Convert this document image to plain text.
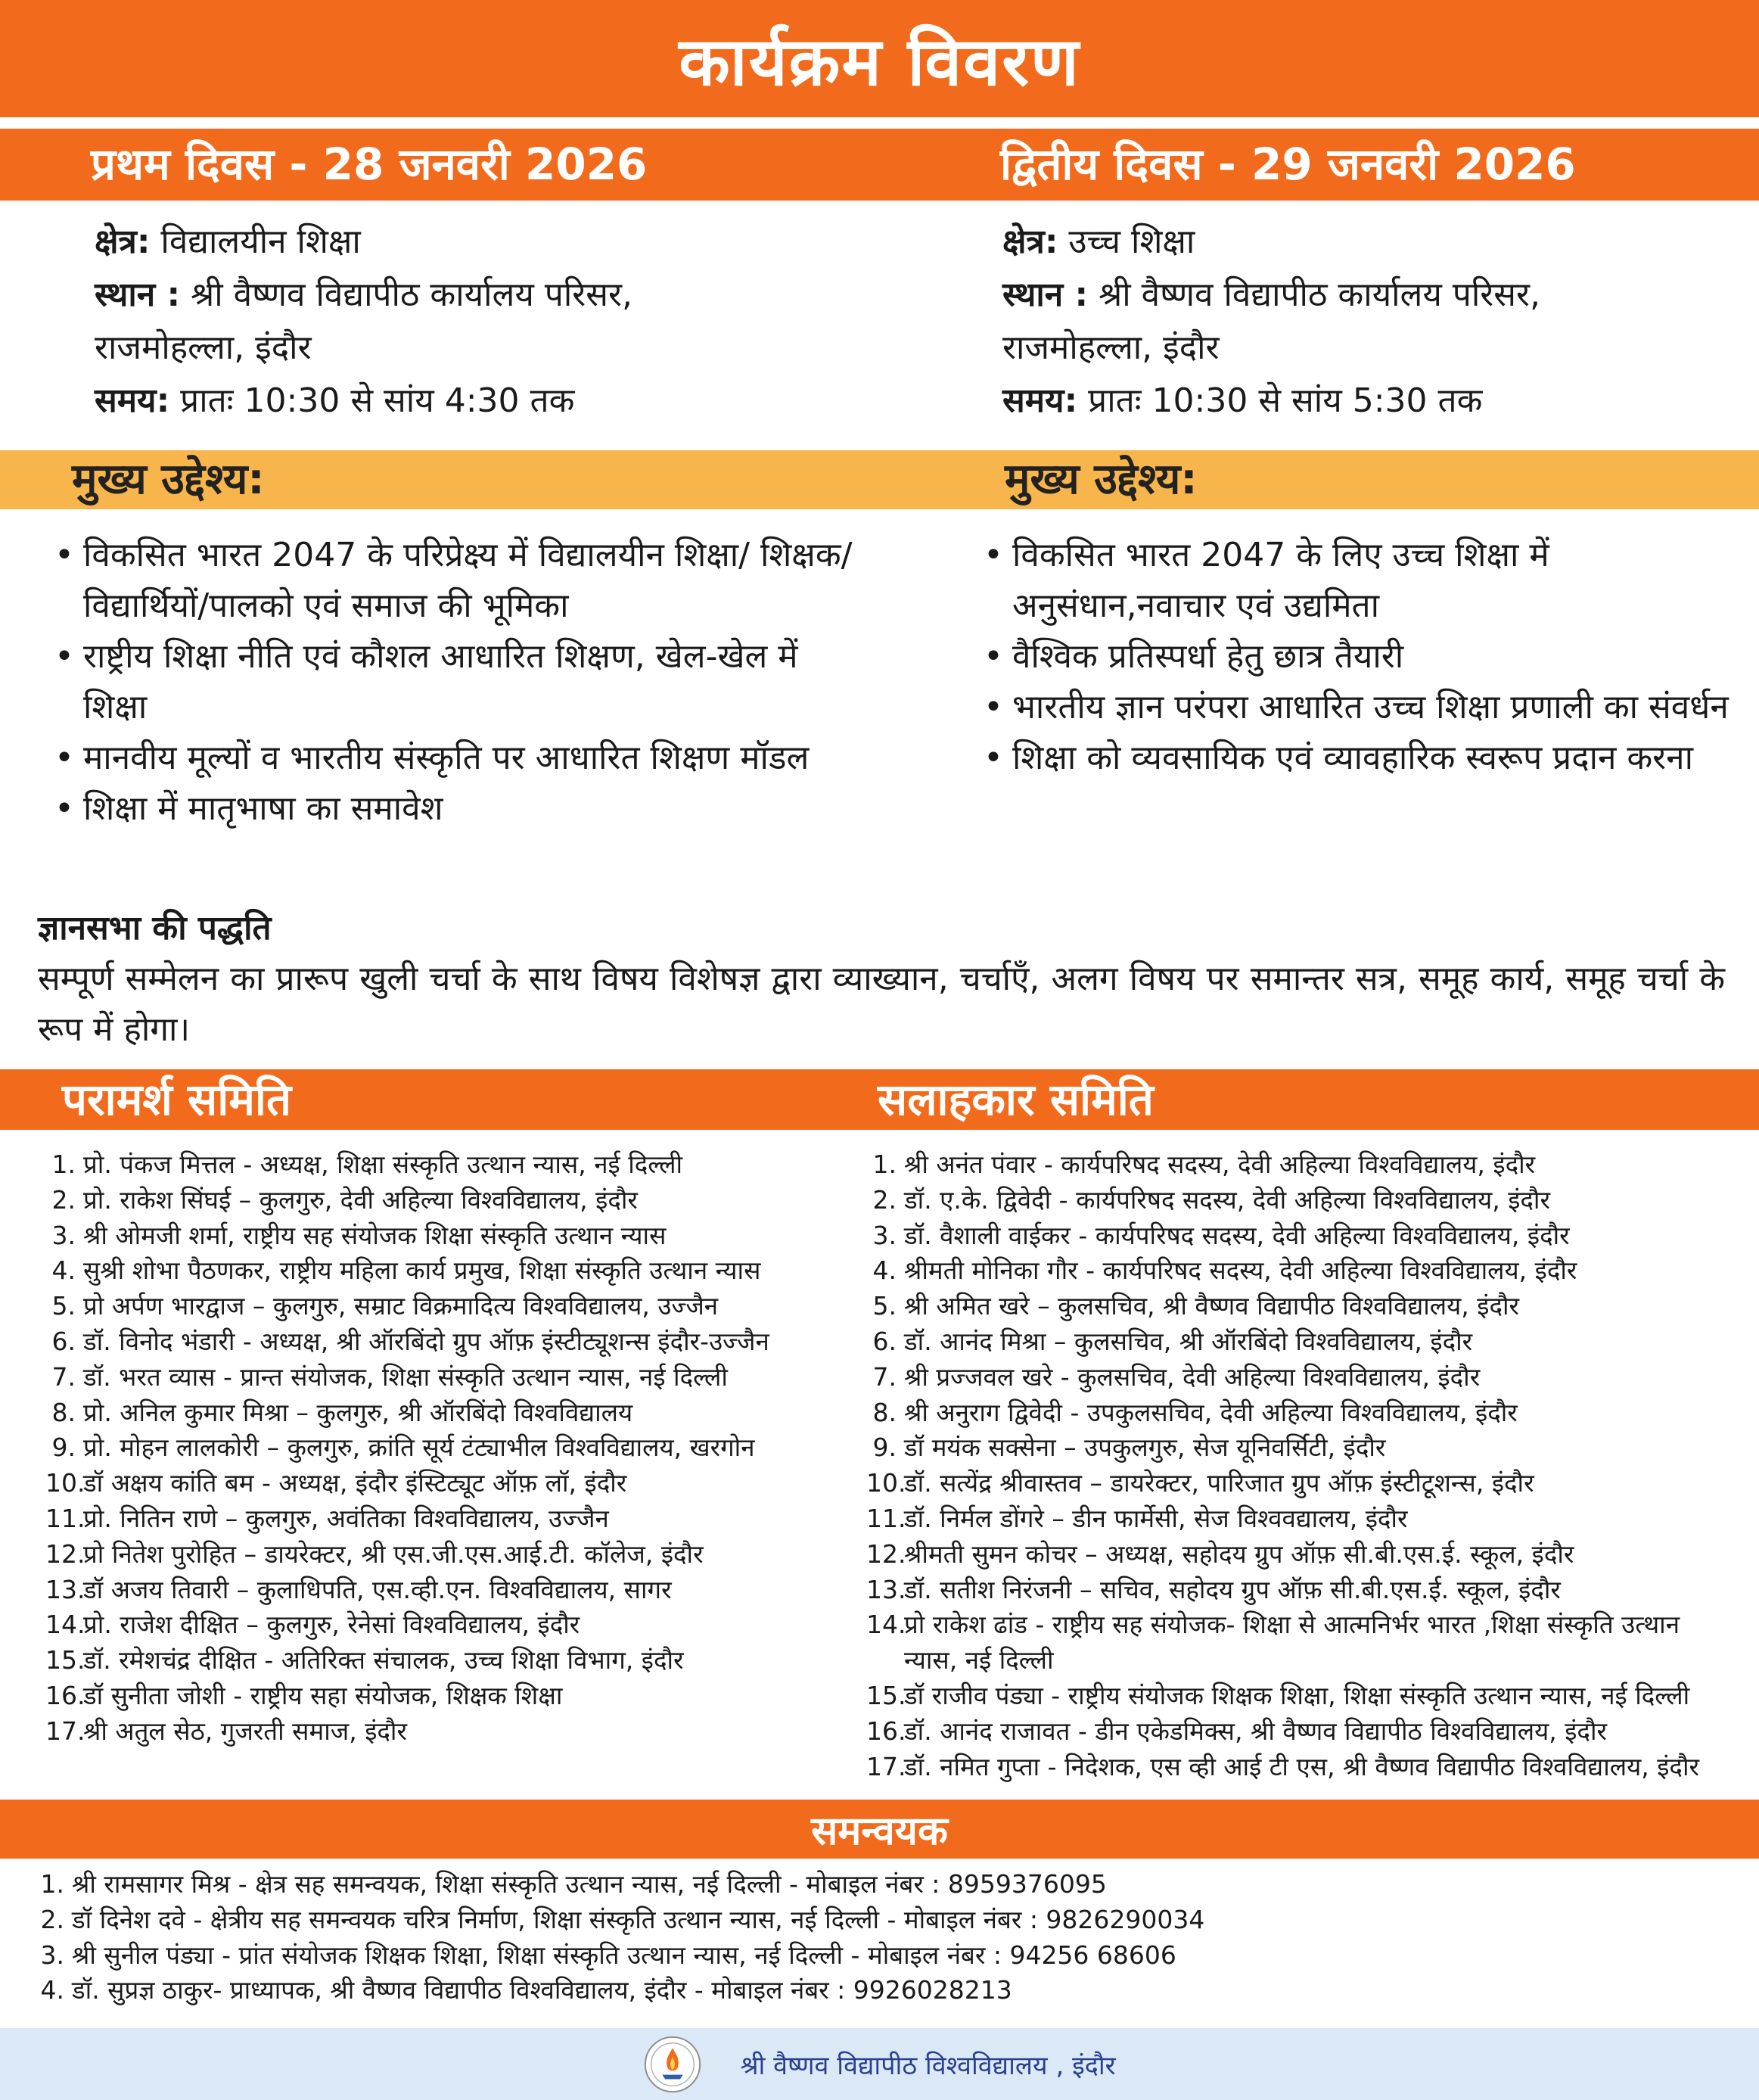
कार्यक्रम विवरण
प्रथम दिवस - 28 जनवरी 2026	द्वितीय दिवस - 29 जनवरी 2026
क्षेत्र: विद्यालयीन शिक्षा
स्थान : श्री वैष्णव विद्यापीठ कार्यालय परिसर,
राजमोहल्ला, इंदौर
समय: प्रातः 10:30 से सांय 4:30 तक
क्षेत्र: उच्च शिक्षा
स्थान : श्री वैष्णव विद्यापीठ कार्यालय परिसर,
राजमोहल्ला, इंदौर
समय: प्रातः 10:30 से सांय 5:30 तक
मुख्य उद्देश्य:	मुख्य उद्देश्य:
• विकसित भारत 2047 के परिप्रेक्ष्य में विद्यालयीन शिक्षा/ शिक्षक/विद्यार्थियों/पालको एवं समाज की भूमिका
• राष्ट्रीय शिक्षा नीति एवं कौशल आधारित शिक्षण, खेल-खेल में शिक्षा
• मानवीय मूल्यों व भारतीय संस्कृति पर आधारित शिक्षण मॉडल
• शिक्षा में मातृभाषा का समावेश
• विकसित भारत 2047 के लिए उच्च शिक्षा में अनुसंधान,नवाचार एवं उद्यमिता
• वैश्विक प्रतिस्पर्धा हेतु छात्र तैयारी
• भारतीय ज्ञान परंपरा आधारित उच्च शिक्षा प्रणाली का संवर्धन
• शिक्षा को व्यवसायिक एवं व्यावहारिक स्वरूप प्रदान करना
ज्ञानसभा की पद्धति
सम्पूर्ण सम्मेलन का प्रारूप खुली चर्चा के साथ विषय विशेषज्ञ द्वारा व्याख्यान, चर्चाएँ, अलग विषय पर समान्तर सत्र, समूह कार्य, समूह चर्चा के रूप में होगा।
परामर्श समिति	सलाहकार समिति
1. प्रो. पंकज मित्तल - अध्यक्ष, शिक्षा संस्कृति उत्थान न्यास, नई दिल्ली
2. प्रो. राकेश सिंघई – कुलगुरु, देवी अहिल्या विश्वविद्यालय, इंदौर
3. श्री ओमजी शर्मा, राष्ट्रीय सह संयोजक शिक्षा संस्कृति उत्थान न्यास
4. सुश्री शोभा पैठणकर, राष्ट्रीय महिला कार्य प्रमुख, शिक्षा संस्कृति उत्थान न्यास
5. प्रो अर्पण भारद्वाज – कुलगुरु, सम्राट विक्रमादित्य विश्वविद्यालय, उज्जैन
6. डॉ. विनोद भंडारी - अध्यक्ष, श्री ऑरबिंदो ग्रुप ऑफ़ इंस्टीट्यूशन्स इंदौर-उज्जैन
7. डॉ. भरत व्यास - प्रान्त संयोजक, शिक्षा संस्कृति उत्थान न्यास, नई दिल्ली
8. प्रो. अनिल कुमार मिश्रा – कुलगुरु, श्री ऑरबिंदो विश्वविद्यालय
9. प्रो. मोहन लालकोरी – कुलगुरु, क्रांति सूर्य टंट्याभील विश्वविद्यालय, खरगोन
10.
डॉ अक्षय कांति बम - अध्यक्ष, इंदौर इंस्टिट्यूट ऑफ़ लॉ, इंदौर
11.
प्रो. नितिन राणे – कुलगुरु, अवंतिका विश्वविद्यालय, उज्जैन
12.
प्रो नितेश पुरोहित – डायरेक्टर, श्री एस.जी.एस.आई.टी. कॉलेज, इंदौर
13.
डॉ अजय तिवारी – कुलाधिपति, एस.व्ही.एन. विश्वविद्यालय, सागर
14.
प्रो. राजेश दीक्षित – कुलगुरु, रेनेसां विश्वविद्यालय, इंदौर
15.
डॉ. रमेशचंद्र दीक्षित - अतिरिक्त संचालक, उच्च शिक्षा विभाग, इंदौर
16.
डॉ सुनीता जोशी - राष्ट्रीय सहा संयोजक, शिक्षक शिक्षा
17.
श्री अतुल सेठ, गुजरती समाज, इंदौर
1. श्री अनंत पंवार - कार्यपरिषद सदस्य, देवी अहिल्या विश्वविद्यालय, इंदौर
2. डॉ. ए.के. द्विवेदी - कार्यपरिषद सदस्य, देवी अहिल्या विश्वविद्यालय, इंदौर
3. डॉ. वैशाली वाईकर - कार्यपरिषद सदस्य, देवी अहिल्या विश्वविद्यालय, इंदौर
4. श्रीमती मोनिका गौर - कार्यपरिषद सदस्य, देवी अहिल्या विश्वविद्यालय, इंदौर
5. श्री अमित खरे – कुलसचिव, श्री वैष्णव विद्यापीठ विश्वविद्यालय, इंदौर
6. डॉ. आनंद मिश्रा – कुलसचिव, श्री ऑरबिंदो विश्वविद्यालय, इंदौर
7. श्री प्रज्जवल खरे - कुलसचिव, देवी अहिल्या विश्वविद्यालय, इंदौर
8. श्री अनुराग द्विवेदी - उपकुलसचिव, देवी अहिल्या विश्वविद्यालय, इंदौर
9. डॉ मयंक सक्सेना – उपकुलगुरु, सेज यूनिवर्सिटी, इंदौर
10.
डॉ. सत्येंद्र श्रीवास्तव – डायरेक्टर, पारिजात ग्रुप ऑफ़ इंस्टीटूशन्स, इंदौर
11.
डॉ. निर्मल डोंगरे – डीन फार्मेसी, सेज विश्ववद्यालय, इंदौर
12.
श्रीमती सुमन कोचर – अध्यक्ष, सहोदय ग्रुप ऑफ़ सी.बी.एस.ई. स्कूल, इंदौर
13.
डॉ. सतीश निरंजनी – सचिव, सहोदय ग्रुप ऑफ़ सी.बी.एस.ई. स्कूल, इंदौर
14.
प्रो राकेश ढांड - राष्ट्रीय सह संयोजक- शिक्षा से आत्मनिर्भर भारत ,शिक्षा संस्कृति उत्थान न्यास, नई दिल्ली
15.
डॉ राजीव पंड्या - राष्ट्रीय संयोजक शिक्षक शिक्षा, शिक्षा संस्कृति उत्थान न्यास, नई दिल्ली
16.
डॉ. आनंद राजावत - डीन एकेडमिक्स, श्री वैष्णव विद्यापीठ विश्वविद्यालय, इंदौर
17.
डॉ. नमित गुप्ता - निदेशक, एस व्ही आई टी एस, श्री वैष्णव विद्यापीठ विश्वविद्यालय, इंदौर
समन्वयक
1. श्री रामसागर मिश्र - क्षेत्र सह समन्वयक, शिक्षा संस्कृति उत्थान न्यास, नई दिल्ली - मोबाइल नंबर : 8959376095
2. डॉ दिनेश दवे - क्षेत्रीय सह समन्वयक चरित्र निर्माण, शिक्षा संस्कृति उत्थान न्यास, नई दिल्ली - मोबाइल नंबर : 9826290034
3. श्री सुनील पंड्या - प्रांत संयोजक शिक्षक शिक्षा, शिक्षा संस्कृति उत्थान न्यास, नई दिल्ली - मोबाइल नंबर : 94256 68606
4. डॉ. सुप्रज्ञ ठाकुर- प्राध्यापक, श्री वैष्णव विद्यापीठ विश्वविद्यालय, इंदौर - मोबाइल नंबर : 9926028213
श्री वैष्णव विद्यापीठ विश्वविद्यालय , इंदौर
